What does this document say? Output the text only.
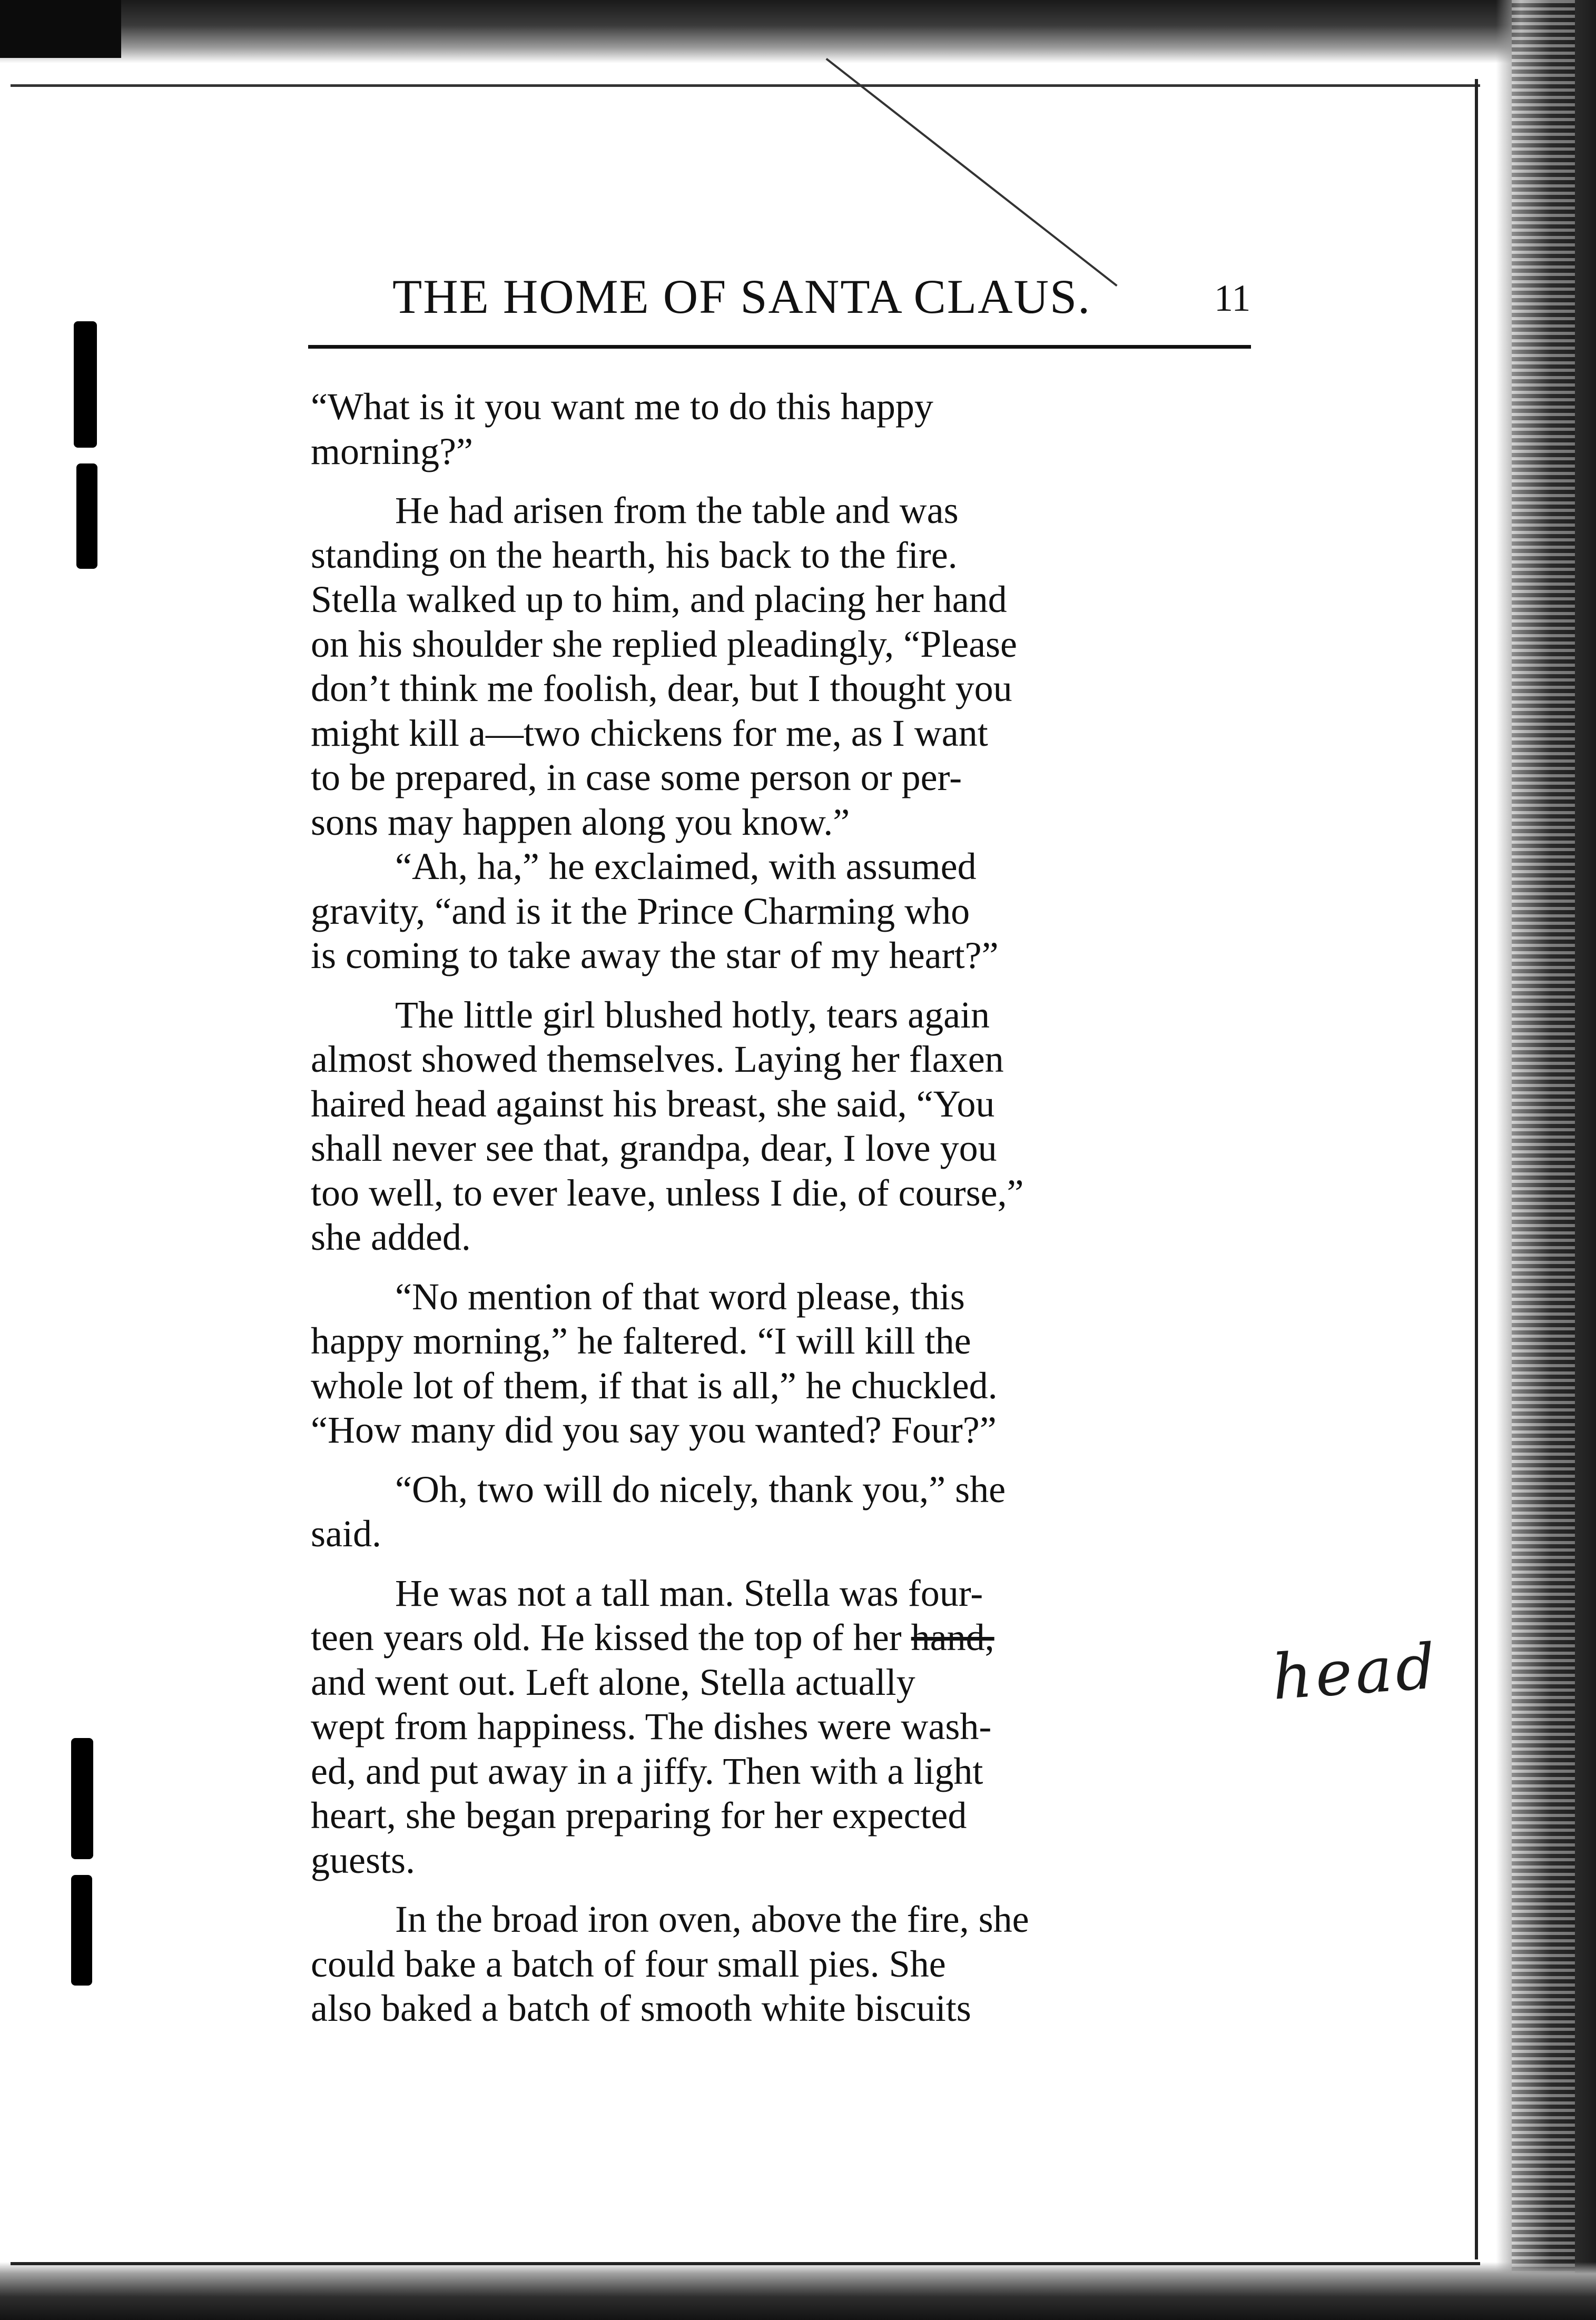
THE HOME OF SANTA CLAUS.	11

“What is it you want me to do this happy
morning?”

He had arisen from the table and was
standing on the hearth, his back to the fire.
Stella walked up to him, and placing her hand
on his shoulder she replied pleadingly, “Please
don’t think me foolish, dear, but I thought you
might kill a—two chickens for me, as I want
to be prepared, in case some person or per-
sons may happen along you know.”

“Ah, ha,” he exclaimed, with assumed
gravity, “and is it the Prince Charming who
is coming to take away the star of my heart?”

The little girl blushed hotly, tears again
almost showed themselves. Laying her flaxen
haired head against his breast, she said, “You
shall never see that, grandpa, dear, I love you
too well, to ever leave, unless I die, of course,”
she added.

“No mention of that word please, this
happy morning,” he faltered. “I will kill the
whole lot of them, if that is all,” he chuckled.
“How many did you say you wanted? Four?”

“Oh, two will do nicely, thank you,” she
said.

He was not a tall man. Stella was four-
teen years old. He kissed the top of her hand,
and went out. Left alone, Stella actually
wept from happiness. The dishes were wash-
ed, and put away in a jiffy. Then with a light
heart, she began preparing for her expected
guests.

In the broad iron oven, above the fire, she
could bake a batch of four small pies. She
also baked a batch of smooth white biscuits

head
